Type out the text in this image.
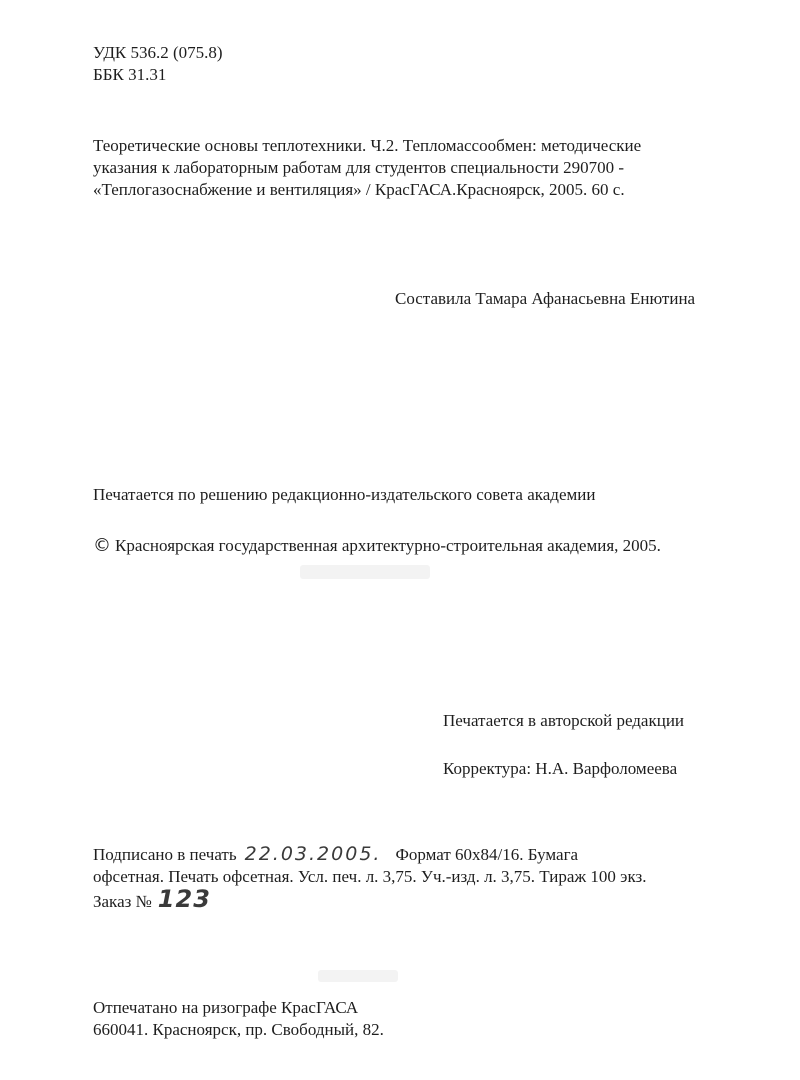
УДК 536.2 (075.8)
ББК 31.31
Теоретические основы теплотехники. Ч.2. Тепломассообмен: методические
указания к лабораторным работам для студентов специальности 290700 -
«Теплогазоснабжение и вентиляция» / КрасГАСА.Красноярск, 2005. 60 с.
Составила Тамара Афанасьевна Енютина
Печатается по решению редакционно-издательского совета академии
© Красноярская государственная архитектурно-строительная академия, 2005.
Печатается в авторской редакции
Корректура: Н.А. Варфоломеева
Подписано в печать 22.03.2005. Формат 60x84/16. Бумага
офсетная. Печать офсетная. Усл. печ. л. 3,75. Уч.-изд. л. 3,75. Тираж 100 экз.
Заказ № 123
Отпечатано на ризографе КрасГАСА
660041. Красноярск, пр. Свободный, 82.
